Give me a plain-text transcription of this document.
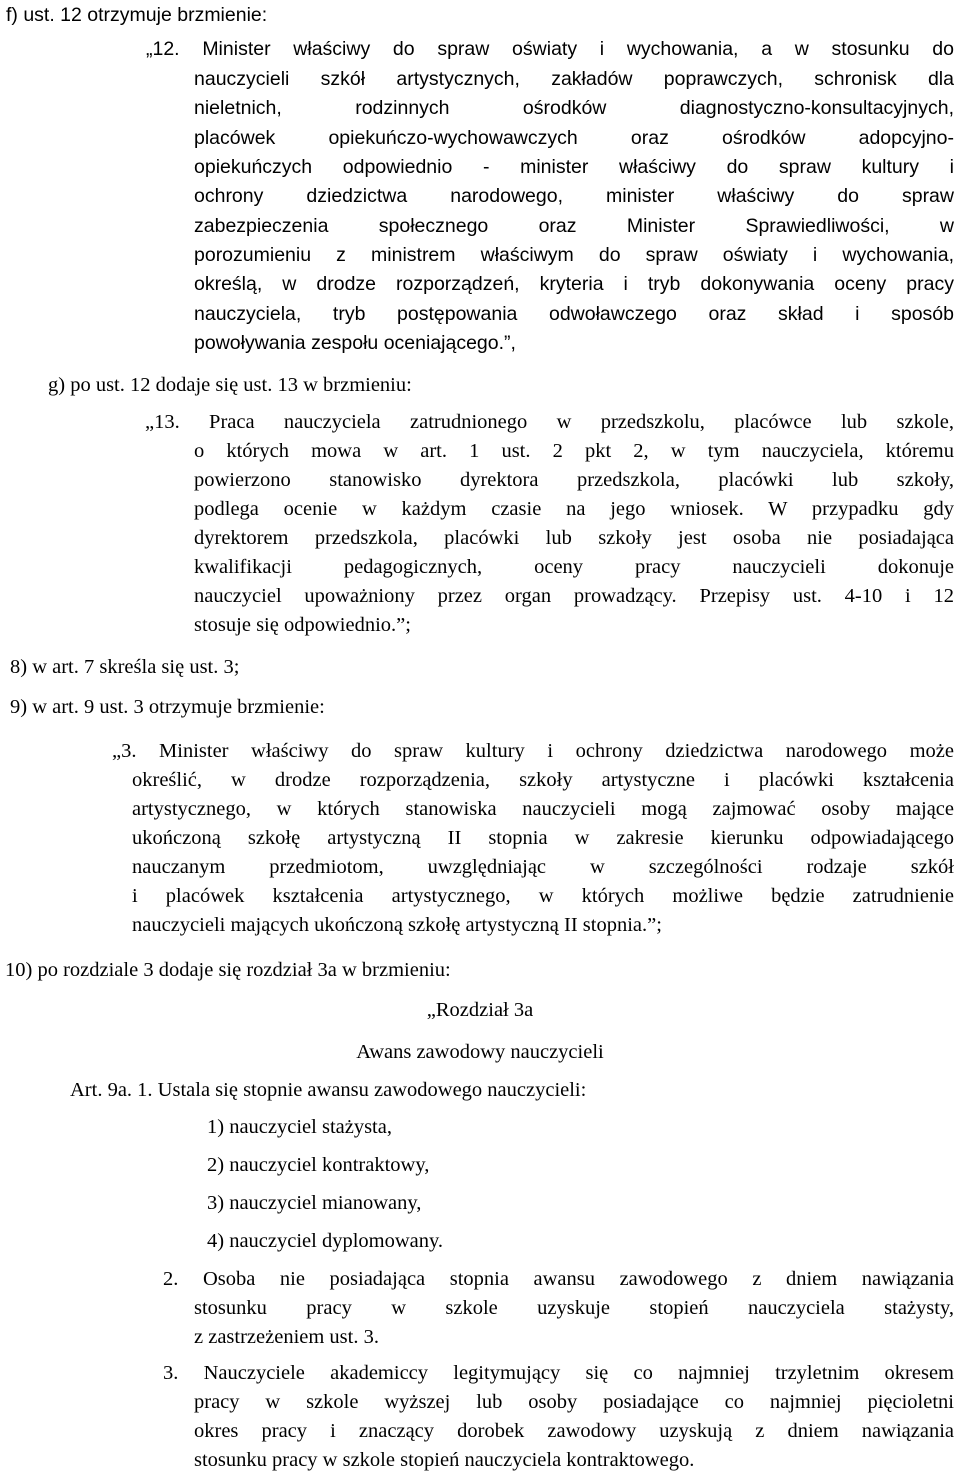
f) ust. 12 otrzymuje brzmienie:
„12. Minister właściwy do spraw oświaty i wychowania, a w stosunku do
nauczycieli szkół artystycznych, zakładów poprawczych, schronisk dla
nieletnich, rodzinnych ośrodków diagnostyczno-konsultacyjnych,
placówek opiekuńczo-wychowawczych oraz ośrodków adopcyjno-
opiekuńczych odpowiednio - minister właściwy do spraw kultury i
ochrony dziedzictwa narodowego, minister właściwy do spraw
zabezpieczenia społecznego oraz Minister Sprawiedliwości, w
porozumieniu z ministrem właściwym do spraw oświaty i wychowania,
określą, w drodze rozporządzeń, kryteria i tryb dokonywania oceny pracy
nauczyciela, tryb postępowania odwoławczego oraz skład i sposób
powoływania zespołu oceniającego.”,
g) po ust. 12 dodaje się ust. 13 w brzmieniu:
„13. Praca nauczyciela zatrudnionego w przedszkolu, placówce lub szkole,
o których mowa w art. 1 ust. 2 pkt 2, w tym nauczyciela, któremu
powierzono stanowisko dyrektora przedszkola, placówki lub szkoły,
podlega ocenie w każdym czasie na jego wniosek. W przypadku gdy
dyrektorem przedszkola, placówki lub szkoły jest osoba nie posiadająca
kwalifikacji pedagogicznych, oceny pracy nauczycieli dokonuje
nauczyciel upoważniony przez organ prowadzący. Przepisy ust. 4-10 i 12
stosuje się odpowiednio.”;
8) w art. 7 skreśla się ust. 3;
9) w art. 9 ust. 3 otrzymuje brzmienie:
„3. Minister właściwy do spraw kultury i ochrony dziedzictwa narodowego może
określić, w drodze rozporządzenia, szkoły artystyczne i placówki kształcenia
artystycznego, w których stanowiska nauczycieli mogą zajmować osoby mające
ukończoną szkołę artystyczną II stopnia w zakresie kierunku odpowiadającego
nauczanym przedmiotom, uwzględniając w szczególności rodzaje szkół
i placówek kształcenia artystycznego, w których możliwe będzie zatrudnienie
nauczycieli mających ukończoną szkołę artystyczną II stopnia.”;
10) po rozdziale 3 dodaje się rozdział 3a w brzmieniu:
„Rozdział 3a
Awans zawodowy nauczycieli
Art. 9a. 1. Ustala się stopnie awansu zawodowego nauczycieli:
1) nauczyciel stażysta,
2) nauczyciel kontraktowy,
3) nauczyciel mianowany,
4) nauczyciel dyplomowany.
2. Osoba nie posiadająca stopnia awansu zawodowego z dniem nawiązania
stosunku pracy w szkole uzyskuje stopień nauczyciela stażysty,
z zastrzeżeniem ust. 3.
3. Nauczyciele akademiccy legitymujący się co najmniej trzyletnim okresem
pracy w szkole wyższej lub osoby posiadające co najmniej pięcioletni
okres pracy i znaczący dorobek zawodowy uzyskują z dniem nawiązania
stosunku pracy w szkole stopień nauczyciela kontraktowego.
